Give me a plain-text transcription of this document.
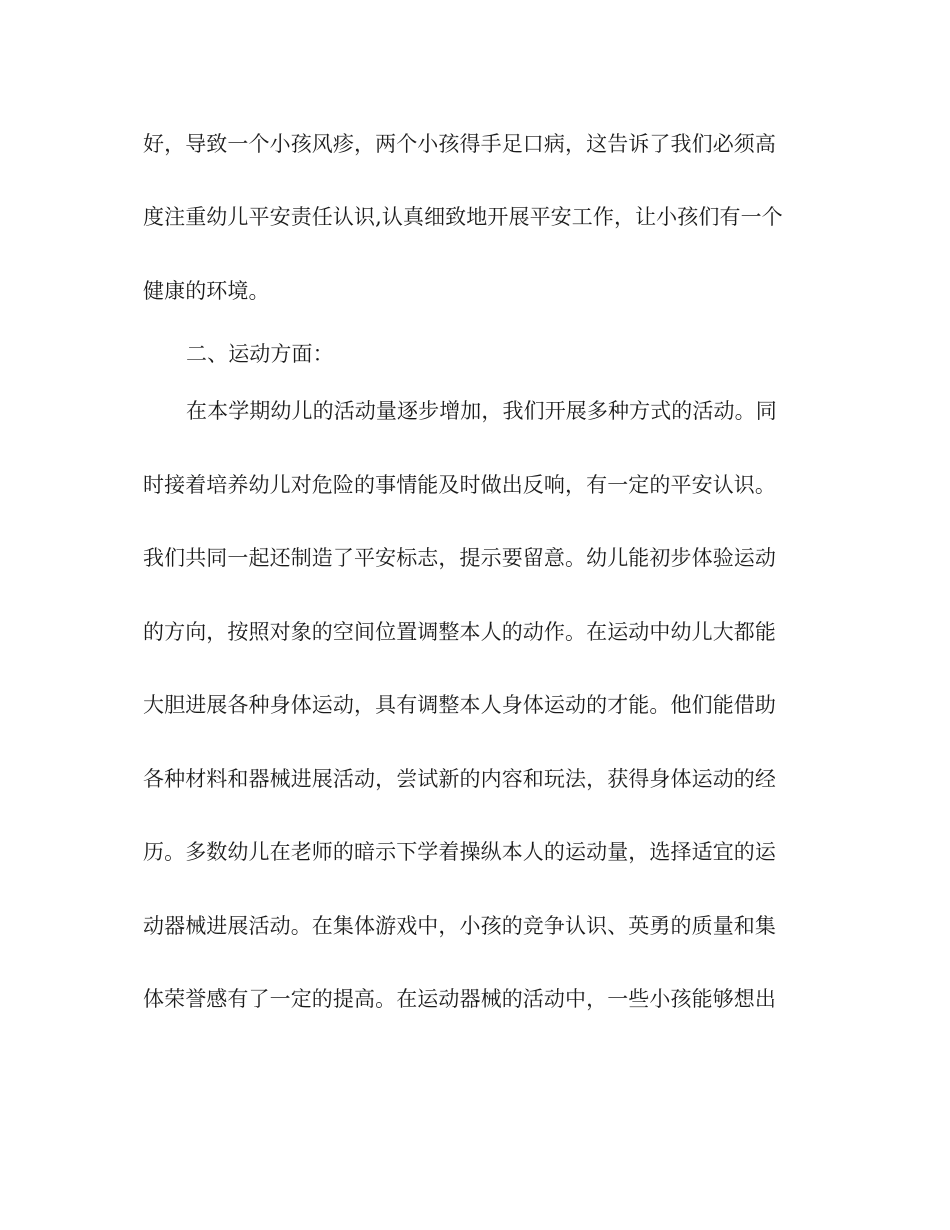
好，导致一个小孩风疹，两个小孩得手足口病，这告诉了我们必须高
度注重幼儿平安责任认识,认真细致地开展平安工作，让小孩们有一个
健康的环境。
二、运动方面：
在本学期幼儿的活动量逐步增加，我们开展多种方式的活动。同
时接着培养幼儿对危险的事情能及时做出反响，有一定的平安认识。
我们共同一起还制造了平安标志，提示要留意。幼儿能初步体验运动
的方向，按照对象的空间位置调整本人的动作。在运动中幼儿大都能
大胆进展各种身体运动，具有调整本人身体运动的才能。他们能借助
各种材料和器械进展活动，尝试新的内容和玩法，获得身体运动的经
历。多数幼儿在老师的暗示下学着操纵本人的运动量，选择适宜的运
动器械进展活动。在集体游戏中，小孩的竞争认识、英勇的质量和集
体荣誉感有了一定的提高。在运动器械的活动中，一些小孩能够想出
